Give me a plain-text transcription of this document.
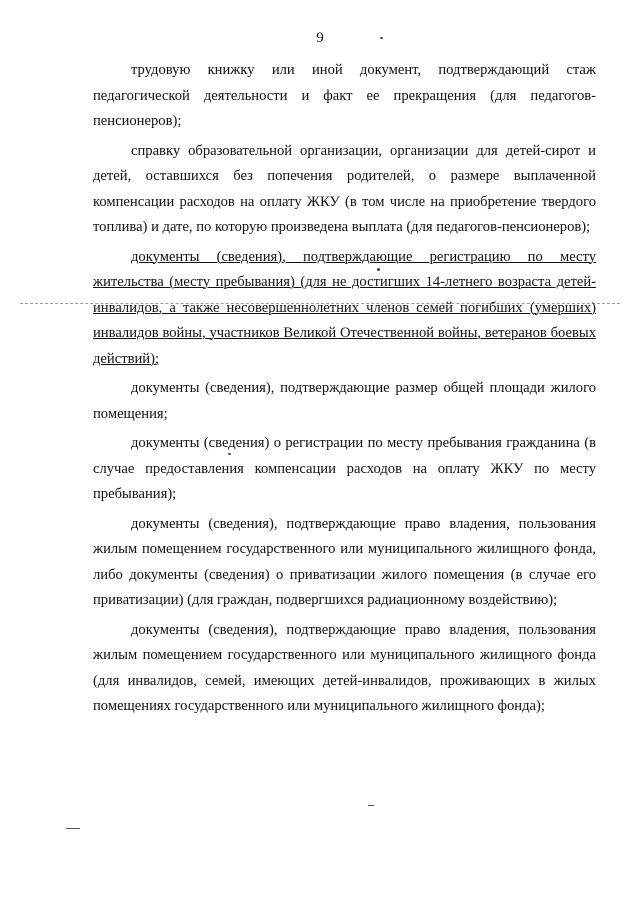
9

трудовую книжку или иной документ, подтверждающий стаж педагогической деятельности и факт ее прекращения (для педагогов-пенсионеров);

справку образовательной организации, организации для детей-сирот и детей, оставшихся без попечения родителей, о размере выплаченной компенсации расходов на оплату ЖКУ (в том числе на приобретение твердого топлива) и дате, по которую произведена выплата (для педагогов-пенсионеров);

документы (сведения), подтверждающие регистрацию по месту жительства (месту пребывания) (для не достигших 14-летнего возраста детей-инвалидов, а также несовершеннолетних членов семей погибших (умерших) инвалидов войны, участников Великой Отечественной войны, ветеранов боевых действий);

документы (сведения), подтверждающие размер общей площади жилого помещения;

документы (сведения) о регистрации по месту пребывания гражданина (в случае предоставления компенсации расходов на оплату ЖКУ по месту пребывания);

документы (сведения), подтверждающие право владения, пользования жилым помещением государственного или муниципального жилищного фонда, либо документы (сведения) о приватизации жилого помещения (в случае его приватизации) (для граждан, подвергшихся радиационному воздействию);

документы (сведения), подтверждающие право владения, пользования жилым помещением государственного или муниципального жилищного фонда (для инвалидов, семей, имеющих детей-инвалидов, проживающих в жилых помещениях государственного или муниципального жилищного фонда);
